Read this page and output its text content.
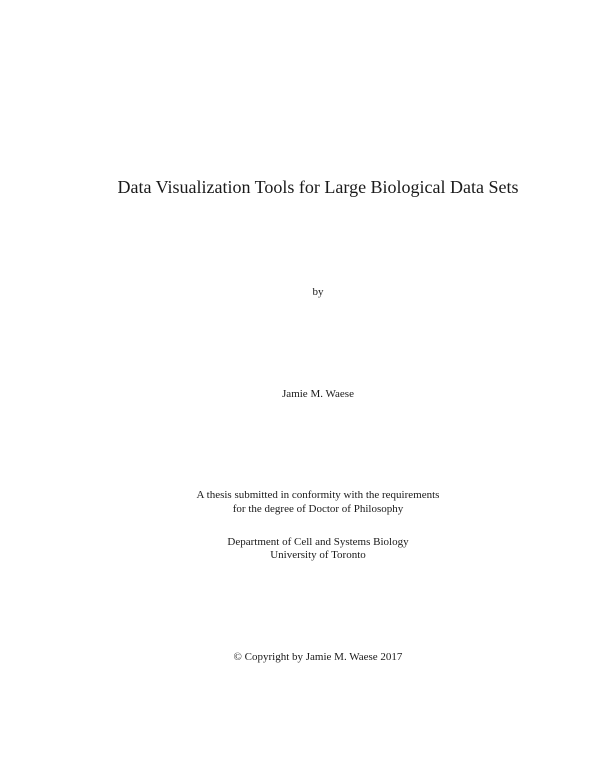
Data Visualization Tools for Large Biological Data Sets
by
Jamie M. Waese
A thesis submitted in conformity with the requirements
for the degree of Doctor of Philosophy
Department of Cell and Systems Biology
University of Toronto
© Copyright by Jamie M. Waese 2017
